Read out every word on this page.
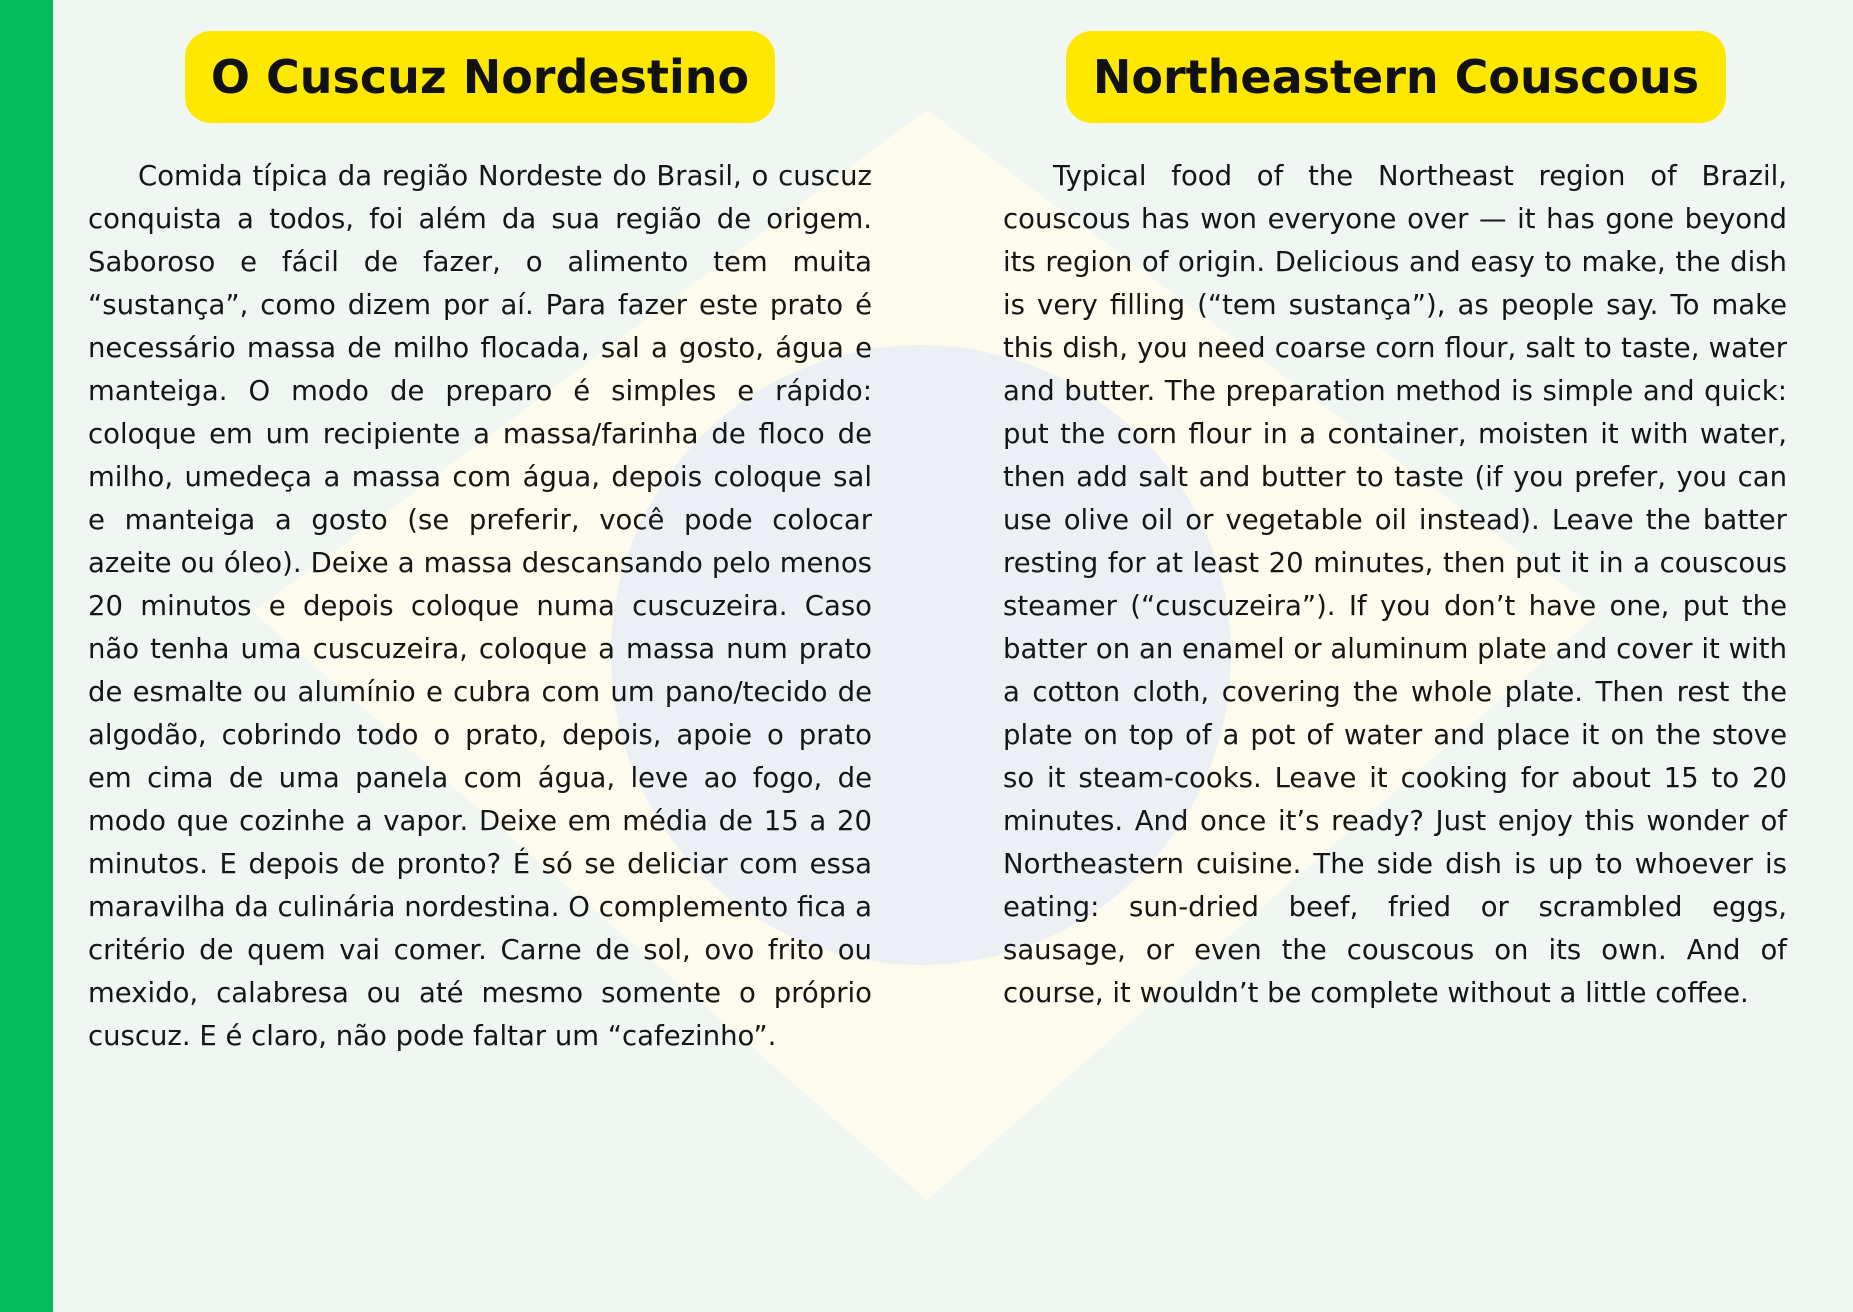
O Cuscuz Nordestino

Comida típica da região Nordeste do Brasil, o cuscuz conquista a todos, foi além da sua região de origem. Saboroso e fácil de fazer, o alimento tem muita “sustança”, como dizem por aí. Para fazer este prato é necessário massa de milho flocada, sal a gosto, água e manteiga. O modo de preparo é simples e rápido: coloque em um recipiente a massa/farinha de floco de milho, umedeça a massa com água, depois coloque sal e manteiga a gosto (se preferir, você pode colocar azeite ou óleo). Deixe a massa descansando pelo menos 20 minutos e depois coloque numa cuscuzeira. Caso não tenha uma cuscuzeira, coloque a massa num prato de esmalte ou alumínio e cubra com um pano/tecido de algodão, cobrindo todo o prato, depois, apoie o prato em cima de uma panela com água, leve ao fogo, de modo que cozinhe a vapor. Deixe em média de 15 a 20 minutos. E depois de pronto? É só se deliciar com essa maravilha da culinária nordestina. O complemento fica a critério de quem vai comer. Carne de sol, ovo frito ou mexido, calabresa ou até mesmo somente o próprio cuscuz. E é claro, não pode faltar um “cafezinho”.

Northeastern Couscous

Typical food of the Northeast region of Brazil, couscous has won everyone over — it has gone beyond its region of origin. Delicious and easy to make, the dish is very filling (“tem sustança”), as people say. To make this dish, you need coarse corn flour, salt to taste, water and butter. The preparation method is simple and quick: put the corn flour in a container, moisten it with water, then add salt and butter to taste (if you prefer, you can use olive oil or vegetable oil instead). Leave the batter resting for at least 20 minutes, then put it in a couscous steamer (“cuscuzeira”). If you don’t have one, put the batter on an enamel or aluminum plate and cover it with a cotton cloth, covering the whole plate. Then rest the plate on top of a pot of water and place it on the stove so it steam-cooks. Leave it cooking for about 15 to 20 minutes. And once it’s ready? Just enjoy this wonder of Northeastern cuisine. The side dish is up to whoever is eating: sun-dried beef, fried or scrambled eggs, sausage, or even the couscous on its own. And of course, it wouldn’t be complete without a little coffee.
